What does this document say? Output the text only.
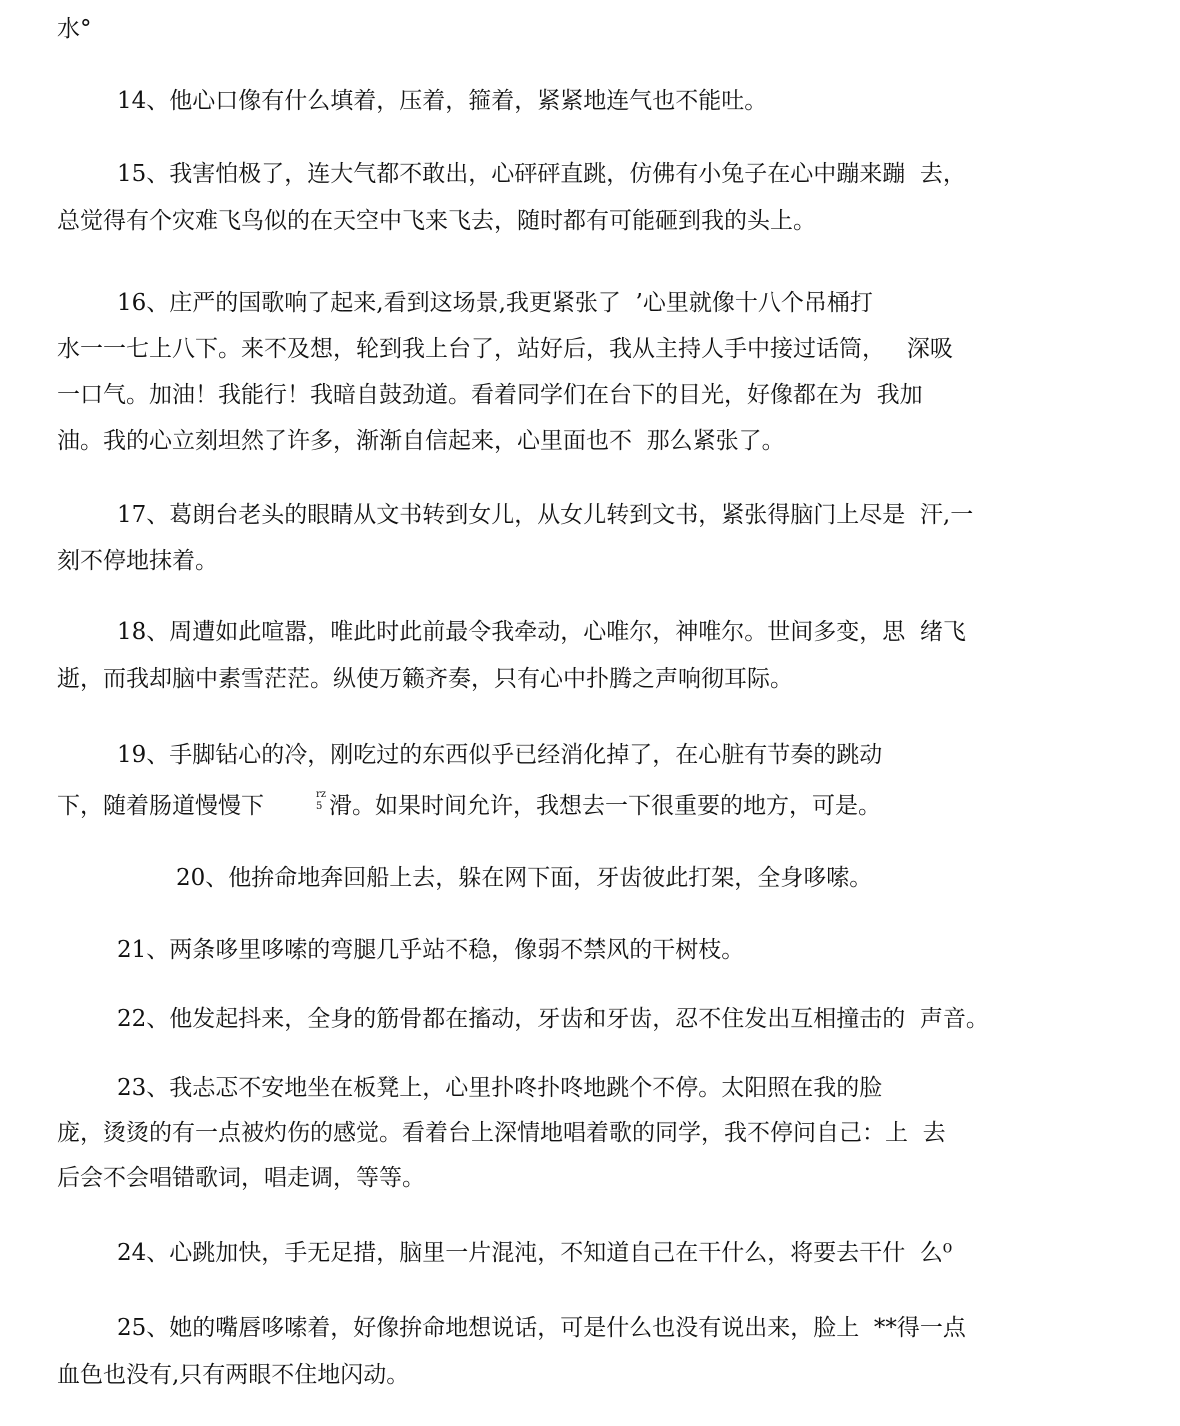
水°
14、他心口像有什么填着，压着，箍着，紧紧地连气也不能吐。
15、我害怕极了，连大气都不敢出，心砰砰直跳，仿佛有小兔子在心中蹦来蹦  去，
总觉得有个灾难飞鸟似的在天空中飞来飞去，随时都有可能砸到我的头上。
16、庄严的国歌响了起来,看到这场景,我更紧张了  ’心里就像十八个吊桶打
水一一七上八下。来不及想，轮到我上台了，站好后，我从主持人手中接过话筒，   深吸
一口气。加油！我能行！我暗自鼓劲道。看着同学们在台下的目光，好像都在为  我加
油。我的心立刻坦然了许多，渐渐自信起来，心里面也不  那么紧张了。
17、葛朗台老头的眼睛从文书转到女儿，从女儿转到文书，紧张得脑门上尽是  汗,一
刻不停地抹着。
18、周遭如此喧嚣，唯此时此前最令我牵动，心唯尔，神唯尔。世间多变，思  绪飞
逝，而我却脑中素雪茫茫。纵使万籁齐奏，只有心中扑腾之声响彻耳际。
19、手脚钻心的冷，刚吃过的东西似乎已经消化掉了，在心脏有节奏的跳动
下，随着肠道慢慢下	rz
5 滑。如果时间允许，我想去一下很重要的地方，可是。
20、他拚命地奔回船上去，躲在网下面，牙齿彼此打架，全身哆嗦。
21、两条哆里哆嗦的弯腿几乎站不稳，像弱不禁风的干树枝。
22、他发起抖来，全身的筋骨都在搐动，牙齿和牙齿，忍不住发出互相撞击的  声音。
23、我忐忑不安地坐在板凳上，心里扑咚扑咚地跳个不停。太阳照在我的脸
庞，烫烫的有一点被灼伤的感觉。看着台上深情地唱着歌的同学，我不停问自己：上  去
后会不会唱错歌词，唱走调，等等。
24、心跳加快，手无足措，脑里一片混沌，不知道自己在干什么，将要去干什  么⁰
25、她的嘴唇哆嗦着，好像拚命地想说话，可是什么也没有说出来，脸上  **得一点
血色也没有,只有两眼不住地闪动。
